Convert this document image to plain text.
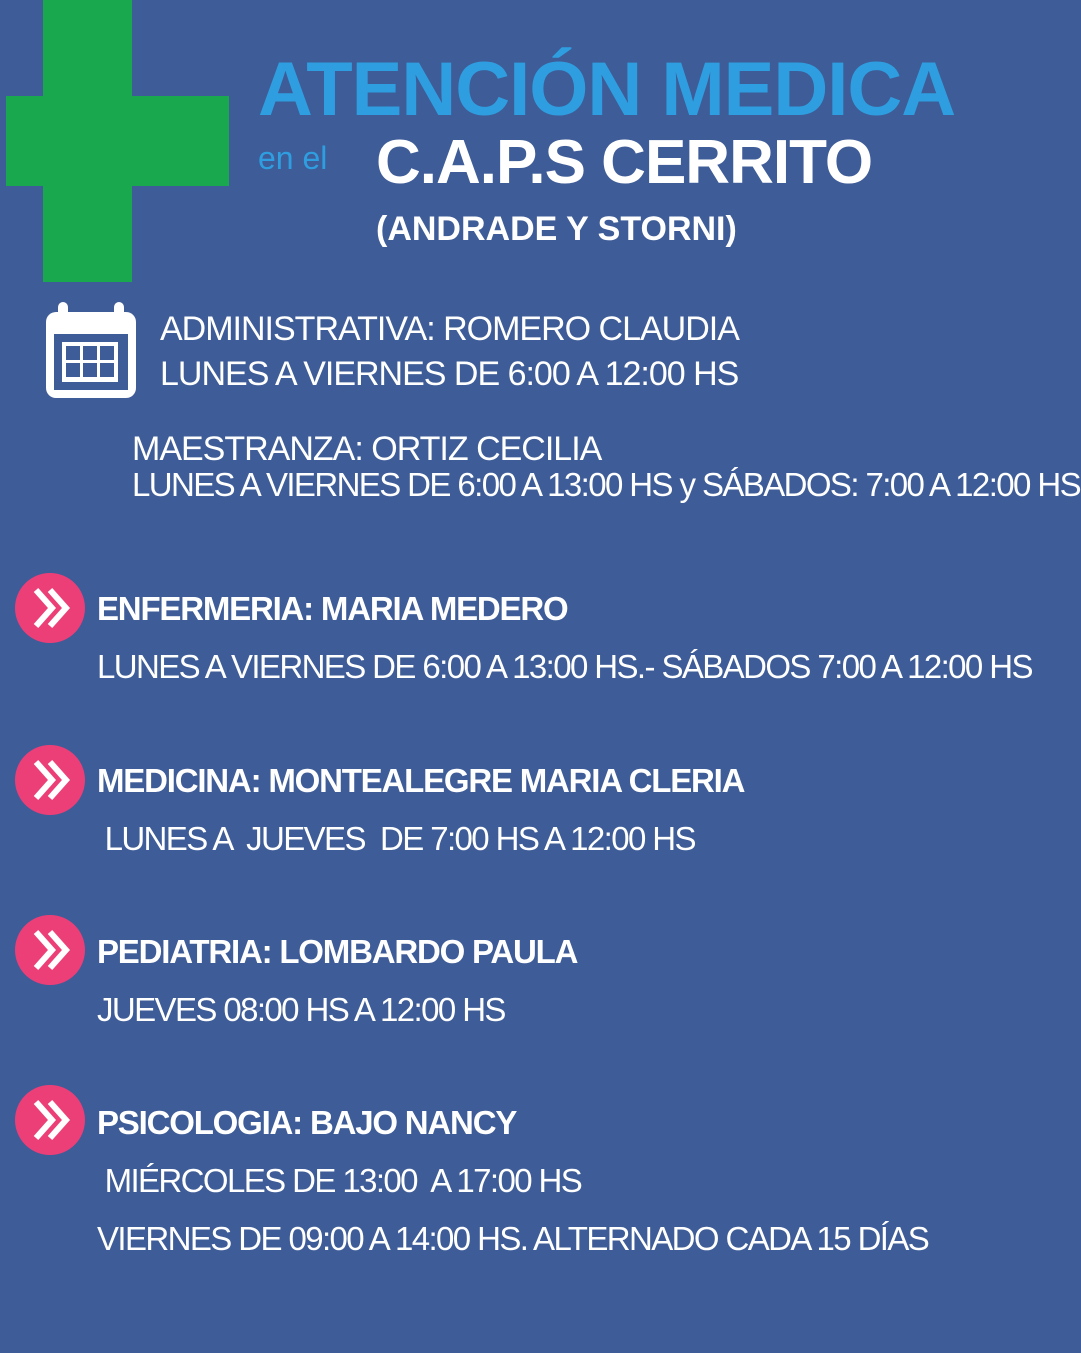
ATENCIÓN MEDICA
en el C.A.P.S CERRITO
(ANDRADE Y STORNI)
ADMINISTRATIVA: ROMERO CLAUDIA
LUNES A VIERNES DE 6:00 A 12:00 HS
MAESTRANZA: ORTIZ CECILIA
LUNES A VIERNES DE 6:00 A 13:00 HS y SÁBADOS: 7:00 A 12:00 HS
ENFERMERIA: MARIA MEDERO
LUNES A VIERNES DE 6:00 A 13:00 HS.- SÁBADOS 7:00 A 12:00 HS
MEDICINA: MONTEALEGRE MARIA CLERIA
LUNES A  JUEVES  DE 7:00 HS A 12:00 HS
PEDIATRIA: LOMBARDO PAULA
JUEVES 08:00 HS A 12:00 HS
PSICOLOGIA: BAJO NANCY
MIÉRCOLES DE 13:00  A 17:00 HS
VIERNES DE 09:00 A 14:00 HS. ALTERNADO CADA 15 DÍAS
